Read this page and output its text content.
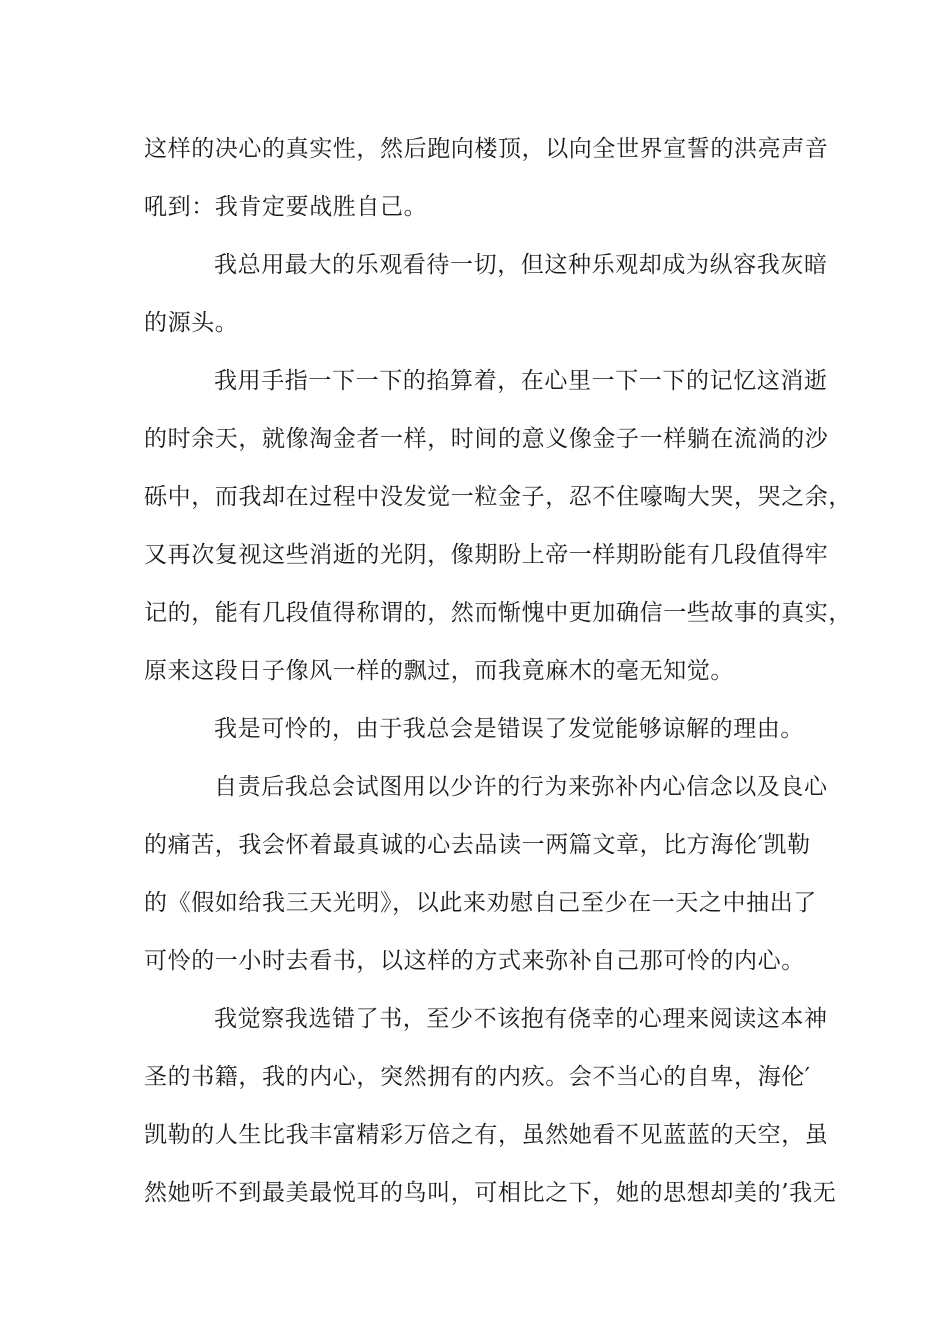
这样的决心的真实性，然后跑向楼顶，以向全世界宣誓的洪亮声音
吼到：我肯定要战胜自己。
我总用最大的乐观看待一切，但这种乐观却成为纵容我灰暗
的源头。
我用手指一下一下的掐算着，在心里一下一下的记忆这消逝
的时余天，就像淘金者一样，时间的意义像金子一样躺在流淌的沙
砾中，而我却在过程中没发觉一粒金子，忍不住嚎啕大哭，哭之余，
又再次复视这些消逝的光阴，像期盼上帝一样期盼能有几段值得牢
记的，能有几段值得称谓的，然而惭愧中更加确信一些故事的真实，
原来这段日子像风一样的飘过，而我竟麻木的毫无知觉。
我是可怜的，由于我总会是错误了发觉能够谅解的理由。
自责后我总会试图用以少许的行为来弥补内心信念以及良心
的痛苦，我会怀着最真诚的心去品读一两篇文章，比方海伦′凯勒
的《假如给我三天光明》，以此来劝慰自己至少在一天之中抽出了
可怜的一小时去看书，以这样的方式来弥补自己那可怜的内心。
我觉察我选错了书，至少不该抱有侥幸的心理来阅读这本神
圣的书籍，我的内心，突然拥有的内疚。会不当心的自卑，海伦′
凯勒的人生比我丰富精彩万倍之有，虽然她看不见蓝蓝的天空，虽
然她听不到最美最悦耳的鸟叫，可相比之下，她的思想却美的’我无
